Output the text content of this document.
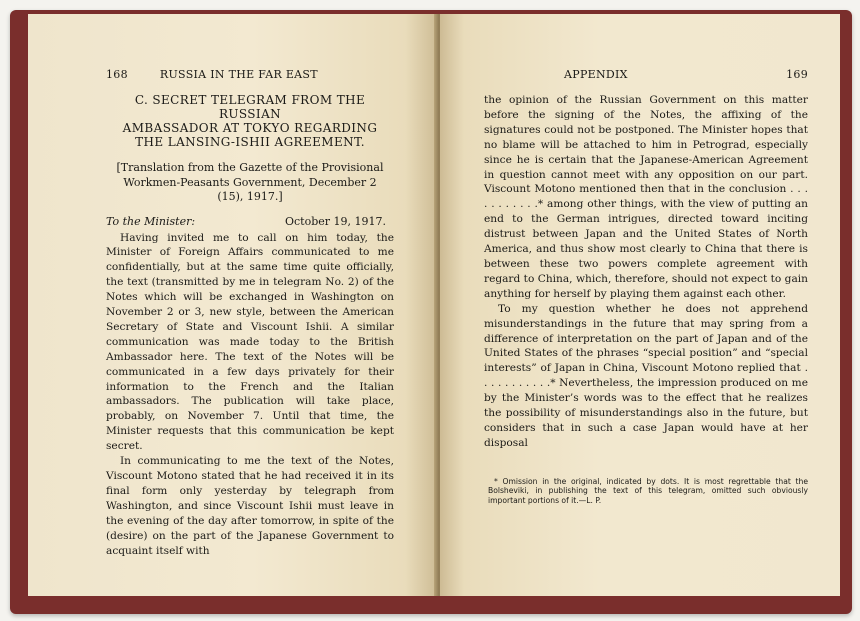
168	RUSSIA IN THE FAR EAST
C. SECRET TELEGRAM FROM THE RUSSIAN
AMBASSADOR AT TOKYO REGARDING
THE LANSING-ISHII AGREEMENT.
[Translation from the Gazette of the Provisional Workmen-Peasants Government, December 2 (15), 1917.]
To the Minister:	October 19, 1917.

Having invited me to call on him today, the Minister of Foreign Affairs communicated to me confidentially, but at the same time quite officially, the text (transmitted by me in telegram No. 2) of the Notes which will be exchanged in Washington on November 2 or 3, new style, between the American Secretary of State and Viscount Ishii. A similar communication was made today to the British Ambassador here. The text of the Notes will be communicated in a few days privately for their information to the French and the Italian ambassadors. The publication will take place, probably, on November 7. Until that time, the Minister requests that this communication be kept secret.

In communicating to me the text of the Notes, Viscount Motono stated that he had received it in its final form only yesterday by telegraph from Washington, and since Viscount Ishii must leave in the evening of the day after tomorrow, in spite of the (desire) on the part of the Japanese Government to acquaint itself with

APPENDIX	169

the opinion of the Russian Government on this matter before the signing of the Notes, the affixing of the signatures could not be postponed. The Minister hopes that no blame will be attached to him in Petrograd, especially since he is certain that the Japanese-American Agreement in question cannot meet with any opposition on our part. Viscount Motono mentioned then that in the conclusion . . . . . . . . . . .* among other things, with the view of putting an end to the German intrigues, directed toward inciting distrust between Japan and the United States of North America, and thus show most clearly to China that there is between these two powers complete agreement with regard to China, which, therefore, should not expect to gain anything for herself by playing them against each other.

To my question whether he does not apprehend misunderstandings in the future that may spring from a difference of interpretation on the part of Japan and of the United States of the phrases “special position” and “special interests” of Japan in China, Viscount Motono replied that . . . . . . . . . . .* Nevertheless, the impression produced on me by the Minister’s words was to the effect that he realizes the possibility of misunderstandings also in the future, but considers that in such a case Japan would have at her disposal

* Omission in the original, indicated by dots. It is most regrettable that the Bolsheviki, in publishing the text of this telegram, omitted such obviously important portions of it.—L. P.
